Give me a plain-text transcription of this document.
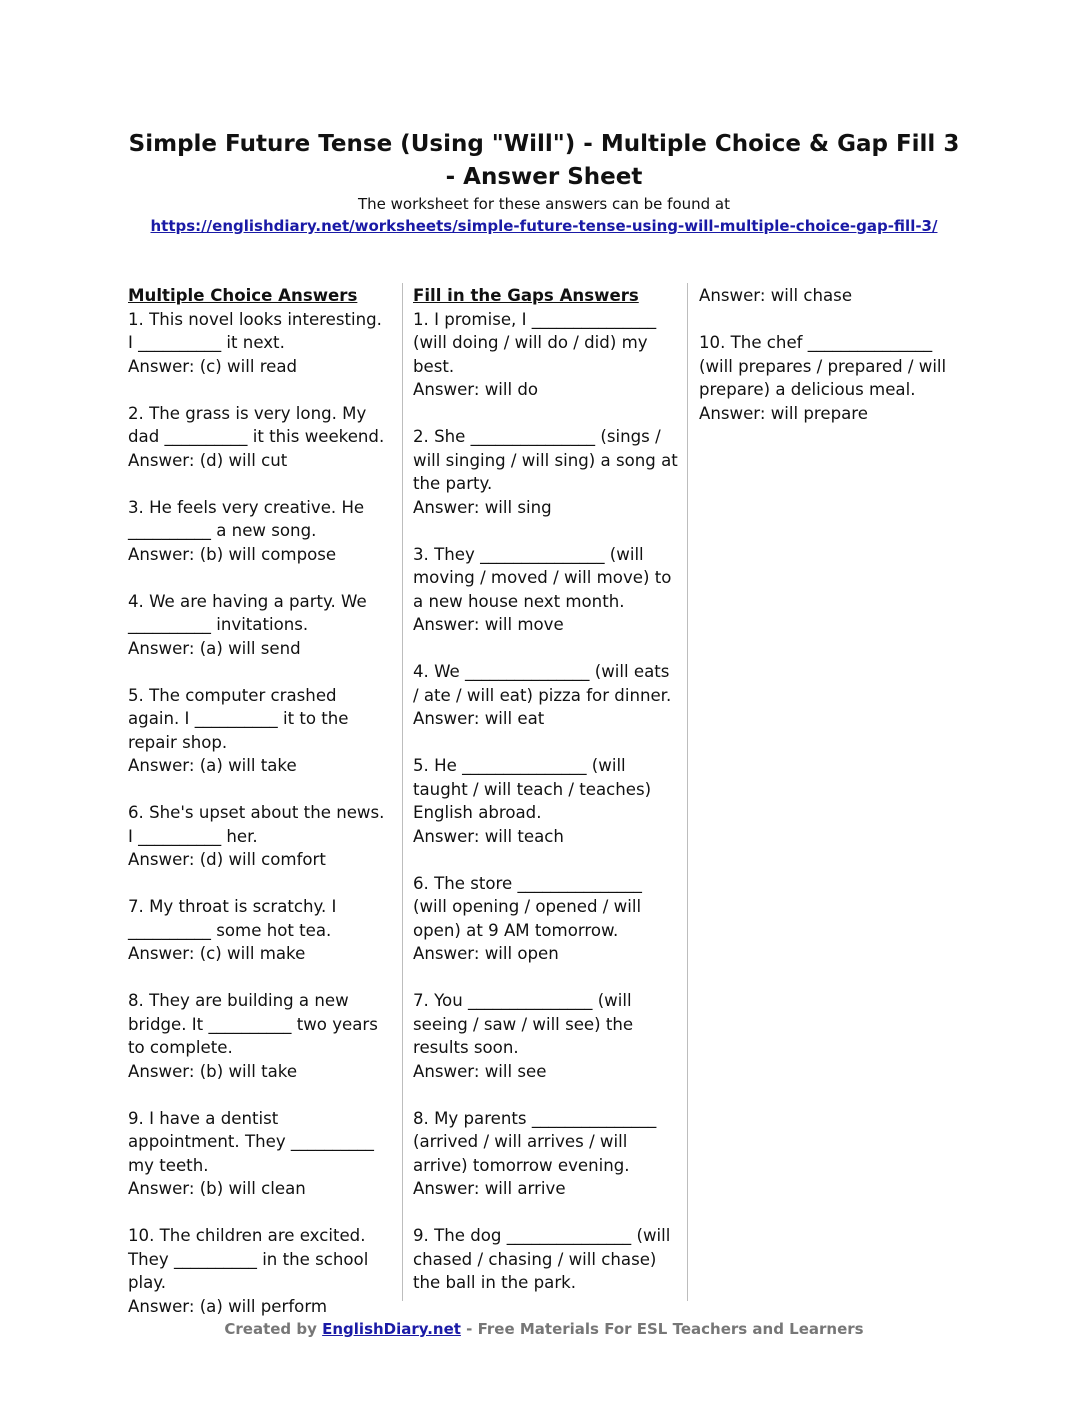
Simple Future Tense (Using "Will") - Multiple Choice & Gap Fill 3
- Answer Sheet
The worksheet for these answers can be found at
https://englishdiary.net/worksheets/simple-future-tense-using-will-multiple-choice-gap-fill-3/
Multiple Choice Answers

1. This novel looks interesting. I __________ it next.

Answer: (c) will read

2. The grass is very long. My dad __________ it this weekend.

Answer: (d) will cut

3. He feels very creative. He __________ a new song.

Answer: (b) will compose

4. We are having a party. We __________ invitations.

Answer: (a) will send

5. The computer crashed again. I __________ it to the repair shop.

Answer: (a) will take

6. She's upset about the news. I __________ her.

Answer: (d) will comfort

7. My throat is scratchy. I __________ some hot tea.

Answer: (c) will make

8. They are building a new bridge. It __________ two years to complete.

Answer: (b) will take

9. I have a dentist appointment. They __________ my teeth.

Answer: (b) will clean

10. The children are excited. They __________ in the school play.

Answer: (a) will perform

Fill in the Gaps Answers

1. I promise, I _______________ (will doing / will do / did) my best.

Answer: will do

2. She _______________ (sings / will singing / will sing) a song at the party.

Answer: will sing

3. They _______________ (will moving / moved / will move) to a new house next month.

Answer: will move

4. We _______________ (will eats / ate / will eat) pizza for dinner.

Answer: will eat

5. He _______________ (will taught / will teach / teaches) English abroad.

Answer: will teach

6. The store _______________ (will opening / opened / will open) at 9 AM tomorrow.

Answer: will open

7. You _______________ (will seeing / saw / will see) the results soon.

Answer: will see

8. My parents _______________ (arrived / will arrives / will arrive) tomorrow evening.

Answer: will arrive

9. The dog _______________ (will chased / chasing / will chase) the ball in the park.

Answer: will chase

10. The chef _______________ (will prepares / prepared / will prepare) a delicious meal.

Answer: will prepare

Created by EnglishDiary.net - Free Materials For ESL Teachers and Learners
